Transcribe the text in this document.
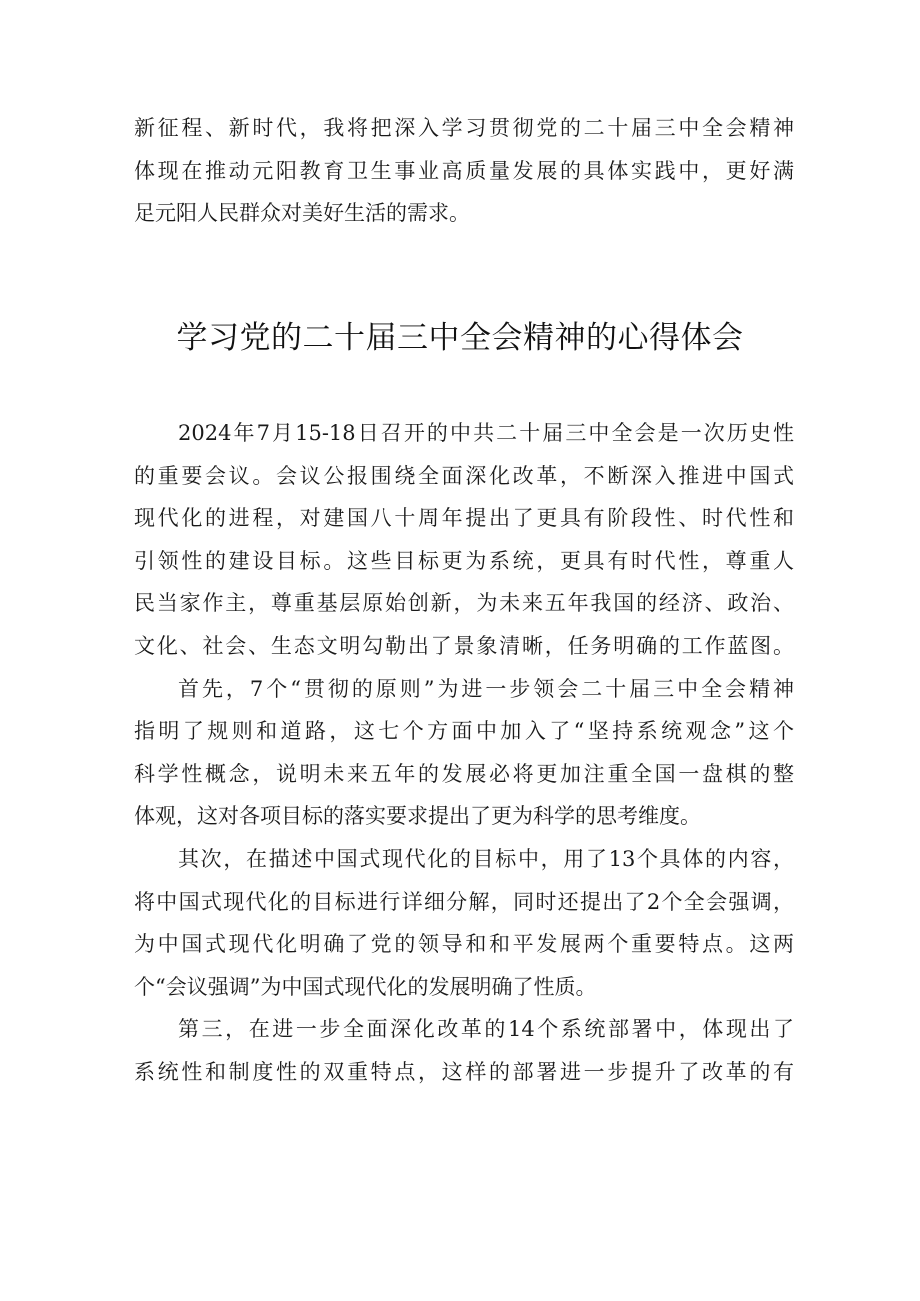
新征程、新时代，我将把深入学习贯彻党的二十届三中全会精神
体现在推动元阳教育卫生事业高质量发展的具体实践中，更好满
足元阳人民群众对美好生活的需求。
学习党的二十届三中全会精神的心得体会
2024年7月15-18日召开的中共二十届三中全会是一次历史性
的重要会议。会议公报围绕全面深化改革，不断深入推进中国式
现代化的进程，对建国八十周年提出了更具有阶段性、时代性和
引领性的建设目标。这些目标更为系统，更具有时代性，尊重人
民当家作主，尊重基层原始创新，为未来五年我国的经济、政治、
文化、社会、生态文明勾勒出了景象清晰，任务明确的工作蓝图。
首先，7个“贯彻的原则”为进一步领会二十届三中全会精神
指明了规则和道路，这七个方面中加入了“坚持系统观念”这个
科学性概念，说明未来五年的发展必将更加注重全国一盘棋的整
体观，这对各项目标的落实要求提出了更为科学的思考维度。
其次，在描述中国式现代化的目标中，用了13个具体的内容，
将中国式现代化的目标进行详细分解，同时还提出了2个全会强调，
为中国式现代化明确了党的领导和和平发展两个重要特点。这两
个“会议强调”为中国式现代化的发展明确了性质。
第三，在进一步全面深化改革的14个系统部署中，体现出了
系统性和制度性的双重特点，这样的部署进一步提升了改革的有
